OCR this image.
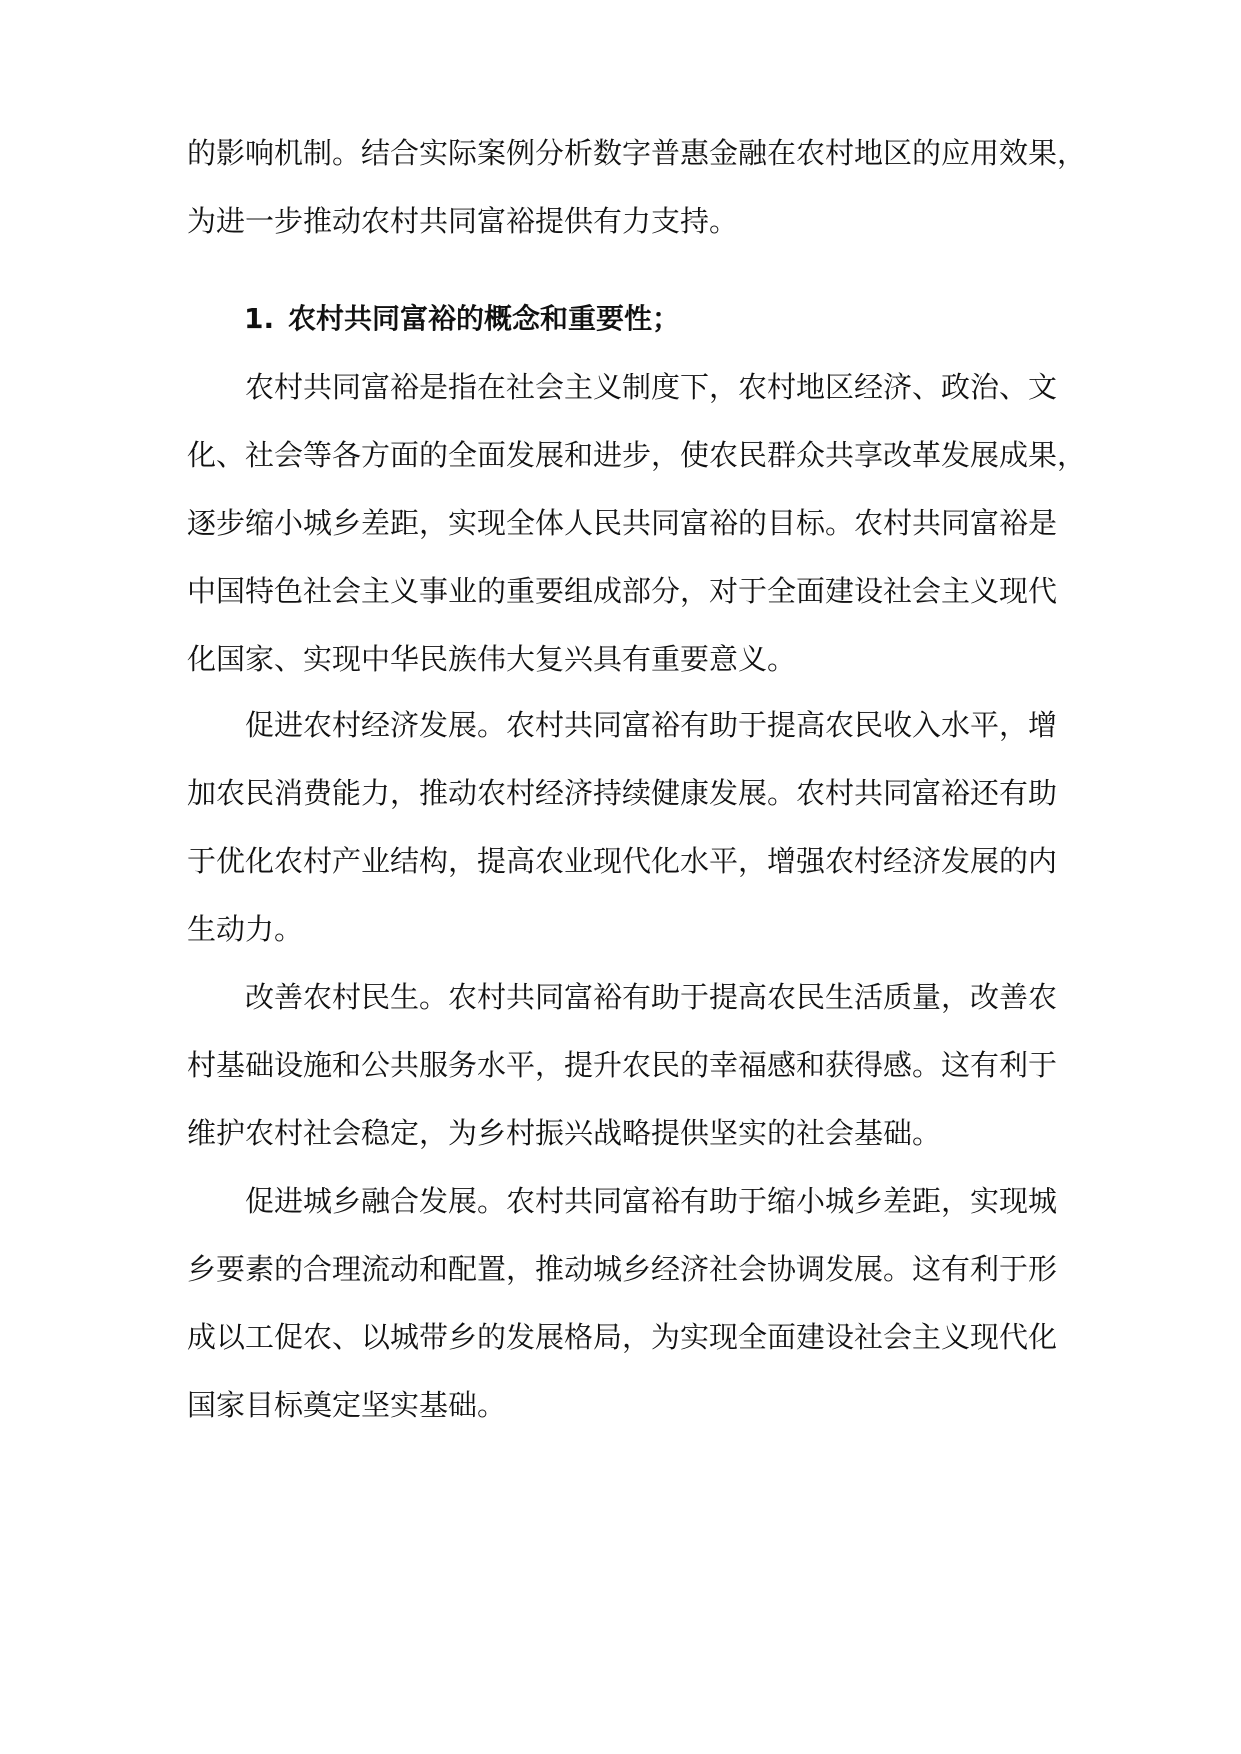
的影响机制。结合实际案例分析数字普惠金融在农村地区的应用效果，
为进一步推动农村共同富裕提供有力支持。
1. 农村共同富裕的概念和重要性；
农村共同富裕是指在社会主义制度下，农村地区经济、政治、文
化、社会等各方面的全面发展和进步，使农民群众共享改革发展成果，
逐步缩小城乡差距，实现全体人民共同富裕的目标。农村共同富裕是
中国特色社会主义事业的重要组成部分，对于全面建设社会主义现代
化国家、实现中华民族伟大复兴具有重要意义。
促进农村经济发展。农村共同富裕有助于提高农民收入水平，增
加农民消费能力，推动农村经济持续健康发展。农村共同富裕还有助
于优化农村产业结构，提高农业现代化水平，增强农村经济发展的内
生动力。
改善农村民生。农村共同富裕有助于提高农民生活质量，改善农
村基础设施和公共服务水平，提升农民的幸福感和获得感。这有利于
维护农村社会稳定，为乡村振兴战略提供坚实的社会基础。
促进城乡融合发展。农村共同富裕有助于缩小城乡差距，实现城
乡要素的合理流动和配置，推动城乡经济社会协调发展。这有利于形
成以工促农、以城带乡的发展格局，为实现全面建设社会主义现代化
国家目标奠定坚实基础。
